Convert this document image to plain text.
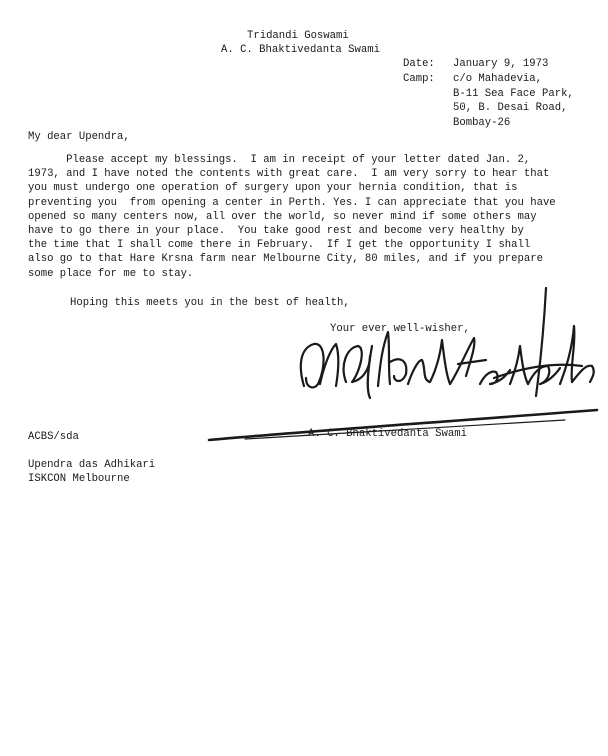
Tridandi Goswami
A. C. Bhaktivedanta Swami
Date: January 9, 1973
Camp: c/o Mahadevia,
B-11 Sea Face Park,
50, B. Desai Road,
Bombay-26
My dear Upendra,
Please accept my blessings.  I am in receipt of your letter dated Jan. 2,
1973, and I have noted the contents with great care.  I am very sorry to hear that
you must undergo one operation of surgery upon your hernia condition, that is
preventing you  from opening a center in Perth. Yes. I can appreciate that you have
opened so many centers now, all over the world, so never mind if some others may
have to go there in your place.  You take good rest and become very healthy by
the time that I shall come there in February.  If I get the opportunity I shall
also go to that Hare Krsna farm near Melbourne City, 80 miles, and if you prepare
some place for me to stay.
Hoping this meets you in the best of health,
Your ever well-wisher,
A. C. Bhaktivedanta Swami
ACBS/sda
Upendra das Adhikari
ISKCON Melbourne
